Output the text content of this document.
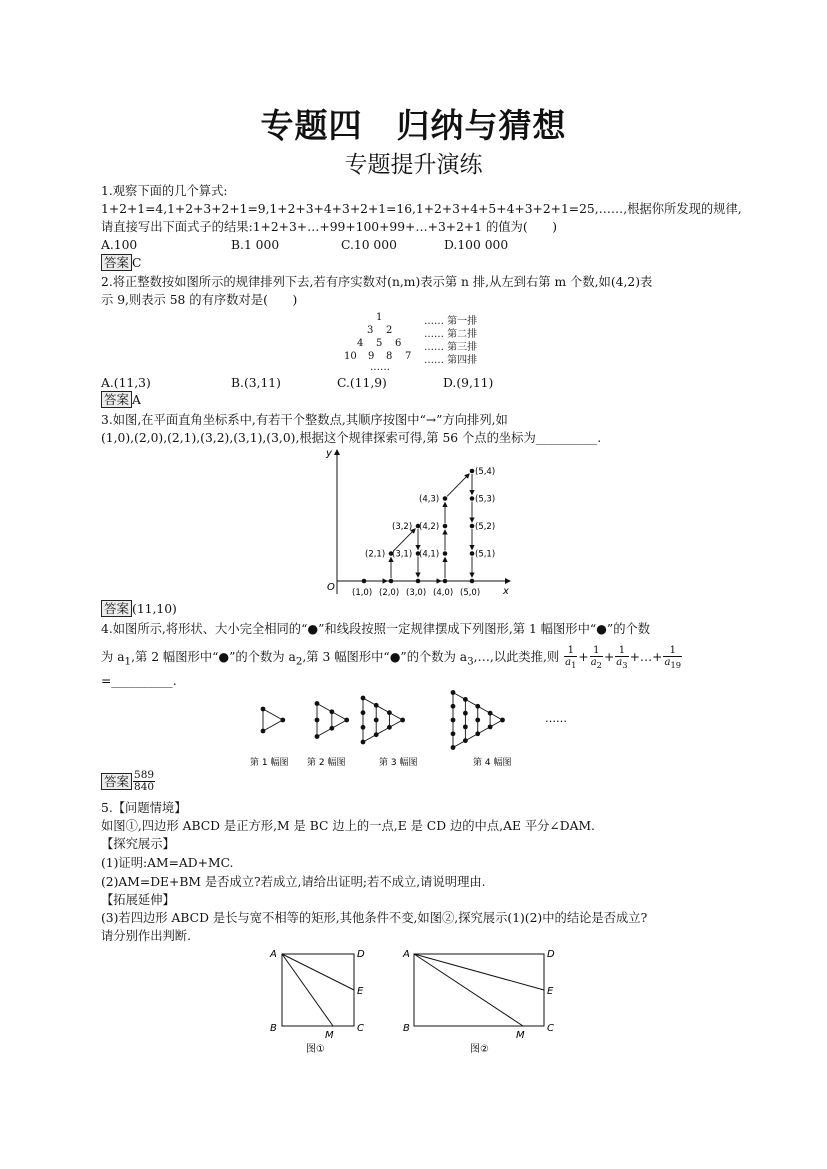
专题四　归纳与猜想
专题提升演练
1.观察下面的几个算式:
1+2+1=4,1+2+3+2+1=9,1+2+3+4+3+2+1=16,1+2+3+4+5+4+3+2+1=25,……,根据你所发现的规律,
请直接写出下面式子的结果:1+2+3+…+99+100+99+…+3+2+1 的值为(　　)
A.100	B.1 000	C.10 000	D.100 000
答案 C
2.将正整数按如图所示的规律排列下去,若有序实数对(n,m)表示第 n 排,从左到右第 m 个数,如(4,2)表
示 9,则表示 58 的有序数对是(　　)
1	…… 第一排
3 2	…… 第二排
4 5 6 …… 第三排
10 9 8 7 …… 第四排
……
A.(11,3)	B.(3,11)	C.(11,9)	D.(9,11)
答案 A
3.如图,在平面直角坐标系中,有若干个整数点,其顺序按图中“→”方向排列,如
(1,0),(2,0),(2,1),(3,2),(3,1),(3,0),根据这个规律探索可得,第 56 个点的坐标为__________.
y
x
O (1,0) (2,0) (3,0) (4,0) (5,0)
(2,1) (3,1) (4,1)	(5,1)
(3,2) (4,2)	(5,2)
(4,3)	(5,3)
(5,4)
答案 (11,10)
4.如图所示,将形状、大小完全相同的“●”和线段按照一定规律摆成下列图形,第 1 幅图形中“●”的个数
为 $a_1$,第 2 幅图形中“●”的个数为 $a_2$,第 3 幅图形中“●”的个数为 $a_3,\dots$,以此类推,则 $\frac{1}{a_1} + \frac{1}{a_2} + \frac{1}{a_3}$ +…+ $\frac{1}{a_{19}}$
=__________.
……
第 1 幅图 第 2 幅图	第 3 幅图	第 4 幅图
答案 $\frac{589}{840}$
5.【问题情境】
如图①,四边形 ABCD 是正方形,M 是 BC 边上的一点,E 是 CD 边的中点,AE 平分∠DAM.
【探究展示】
(1)证明:AM=AD+MC.
(2)AM=DE+BM 是否成立?若成立,请给出证明;若不成立,请说明理由.
【拓展延伸】
(3)若四边形 ABCD 是长与宽不相等的矩形,其他条件不变,如图②,探究展示(1)(2)中的结论是否成立?
请分别作出判断.
A	D
E
B	C
M
图①
A	D
E
B	C
M
图②
